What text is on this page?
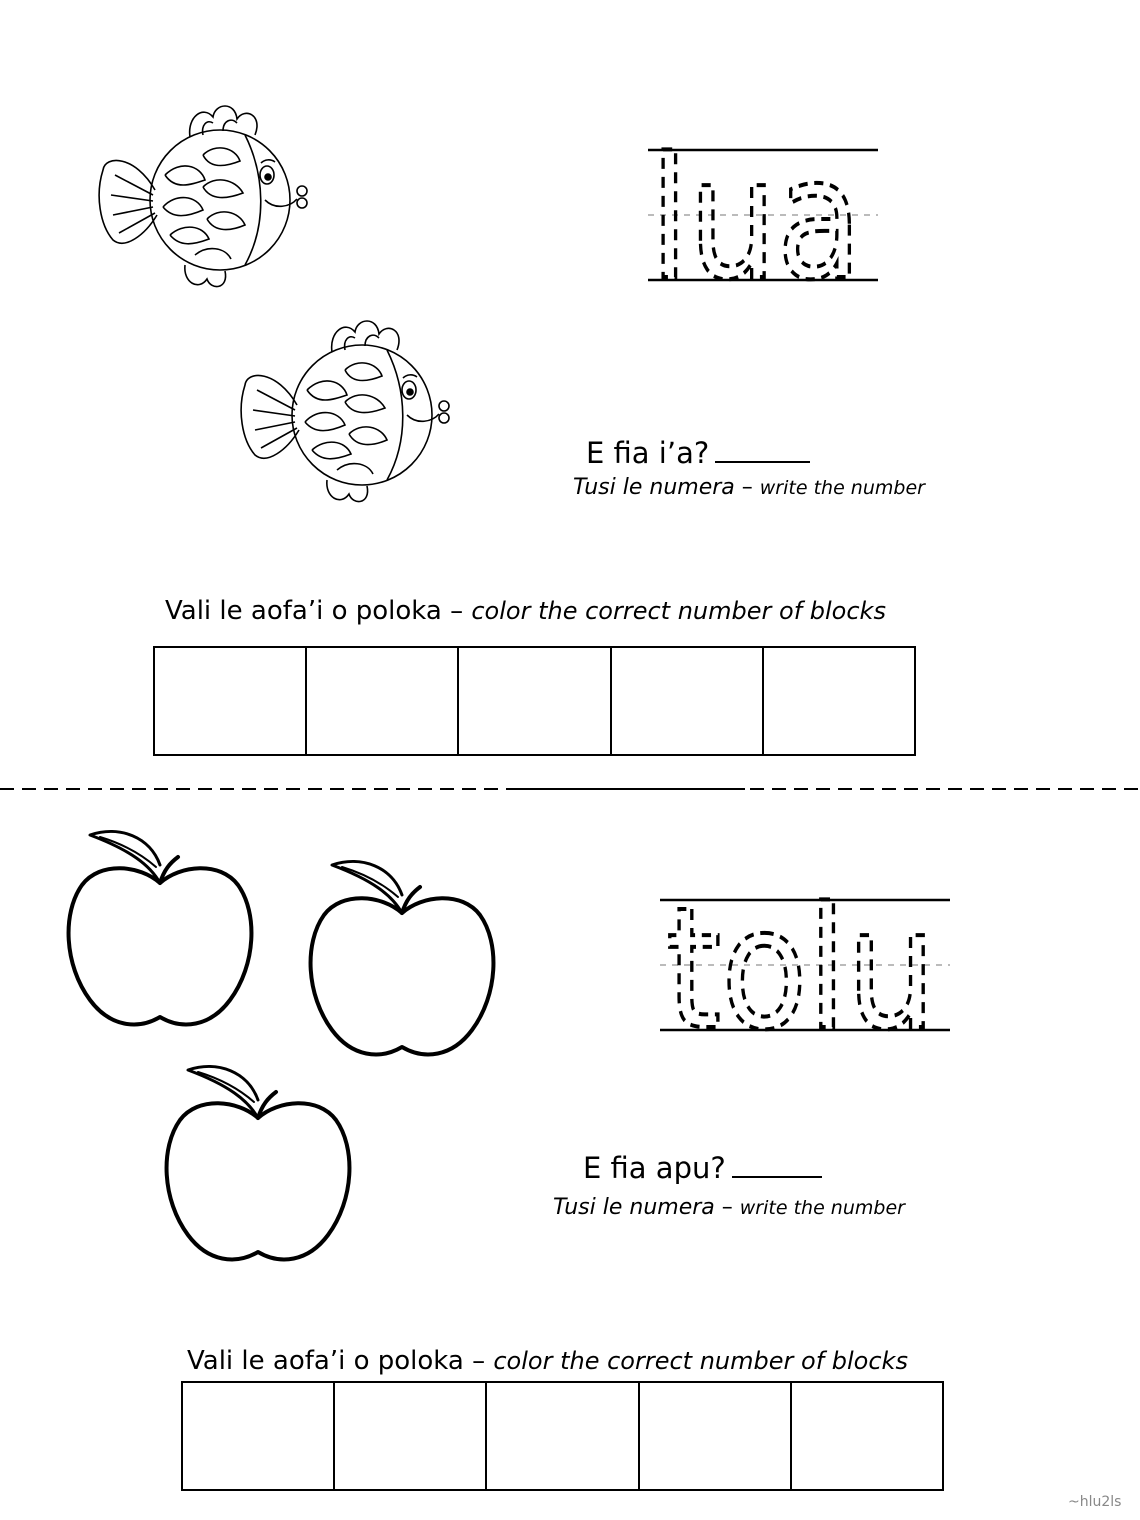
lua
E fia i’a?
Tusi le numera – write the number
Vali le aofa’i o poloka – color the correct number of blocks
tolu
E fia apu?
Tusi le numera – write the number
Vali le aofa’i o poloka – color the correct number of blocks
~hlu2ls
